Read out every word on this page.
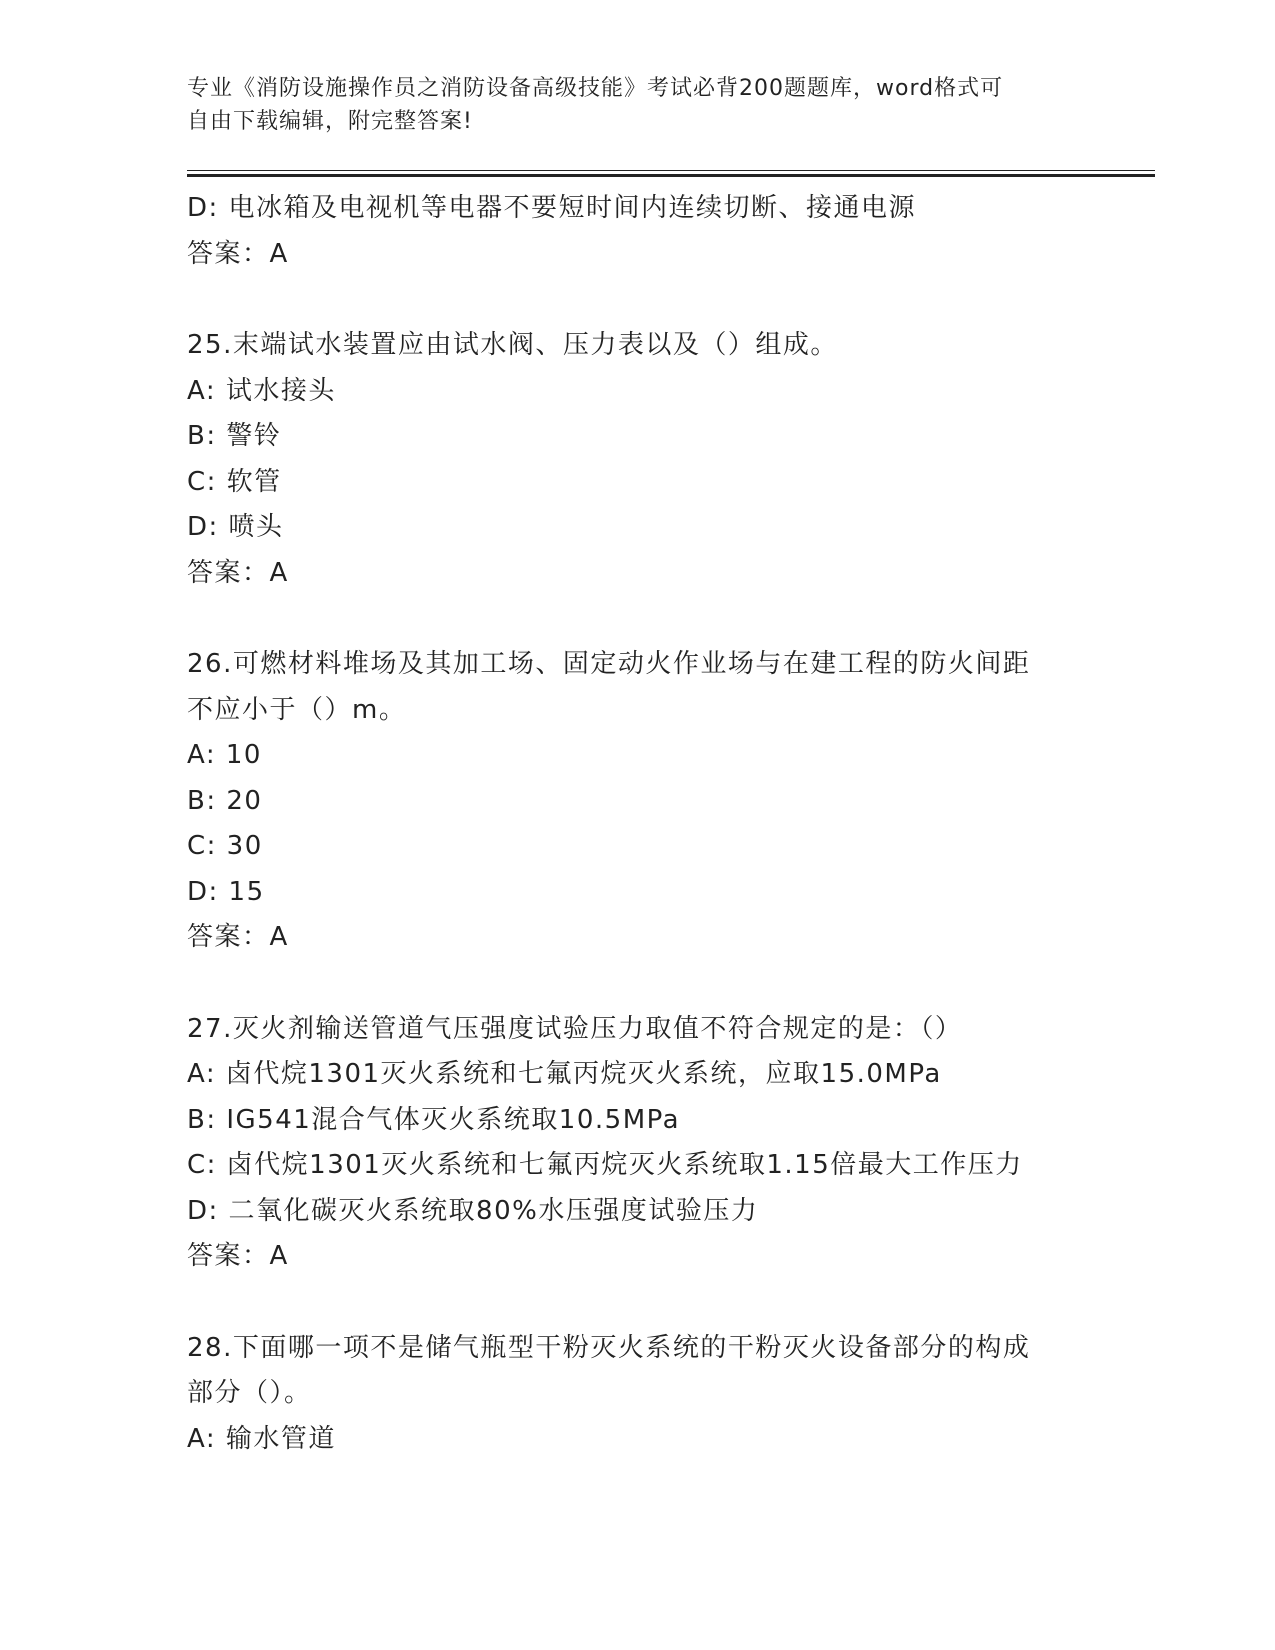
专业《消防设施操作员之消防设备高级技能》考试必背200题题库，word格式可
自由下载编辑，附完整答案!
D: 电冰箱及电视机等电器不要短时间内连续切断、接通电源
答案：A
25.末端试水装置应由试水阀、压力表以及（）组成。
A: 试水接头
B: 警铃
C: 软管
D: 喷头
答案：A
26.可燃材料堆场及其加工场、固定动火作业场与在建工程的防火间距
不应小于（）m。
A: 10
B: 20
C: 30
D: 15
答案：A
27.灭火剂输送管道气压强度试验压力取值不符合规定的是：（）
A: 卤代烷1301灭火系统和七氟丙烷灭火系统，应取15.0MPa
B: IG541混合气体灭火系统取10.5MPa
C: 卤代烷1301灭火系统和七氟丙烷灭火系统取1.15倍最大工作压力
D: 二氧化碳灭火系统取80%水压强度试验压力
答案：A
28.下面哪一项不是储气瓶型干粉灭火系统的干粉灭火设备部分的构成
部分（）。
A: 输水管道
